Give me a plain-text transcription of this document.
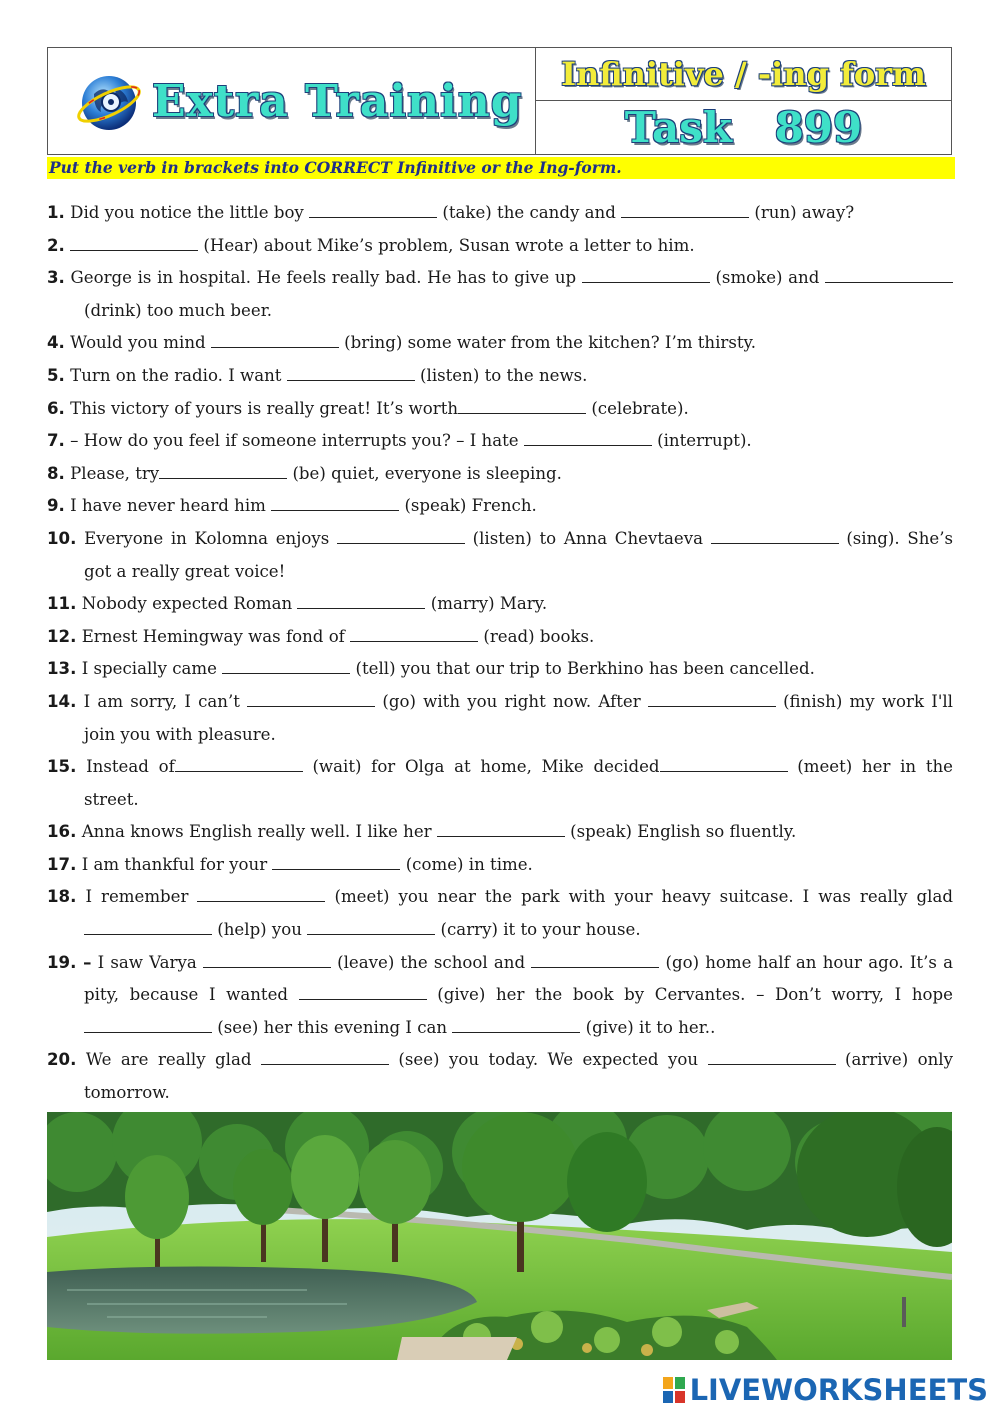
Extra Training
Infinitive / -ing form
Task 899
Put the verb in brackets into CORRECT Infinitive or the Ing-form.
1. Did you notice the little boy	(take) the candy and	(run) away?
2.	(Hear) about Mike’s problem, Susan wrote a letter to him.
3. George is in hospital. He feels really bad. He has to give up	(smoke) and  (drink) too much beer.
4. Would you mind	(bring) some water from the kitchen? I’m thirsty.
5. Turn on the radio. I want	(listen) to the news.
6. This victory of yours is really great! It’s worth	(celebrate).
7. – How do you feel if someone interrupts you? – I hate	(interrupt).
8. Please, try	(be) quiet, everyone is sleeping.
9. I have never heard him	(speak) French.
10. Everyone in Kolomna enjoys	(listen) to Anna Chevtaeva	(sing). She’s got a really great voice!
11. Nobody expected Roman	(marry) Mary.
12. Ernest Hemingway was fond of	(read) books.
13. I specially came	(tell) you that our trip to Berkhino has been cancelled.
14. I am sorry, I can’t	(go) with you right now. After	(finish) my work I'll join you with pleasure.
15. Instead of	(wait) for Olga at home, Mike decided	(meet) her in the street.
16. Anna knows English really well. I like her	(speak) English so fluently.
17. I am thankful for your	(come) in time.
18. I remember	(meet) you near the park with your heavy suitcase. I was really glad  (help) you	(carry) it to your house.
19. – I saw Varya	(leave) the school and	(go) home half an hour ago. It’s a pity, because I wanted	(give) her the book by Cervantes. – Don’t worry, I hope (see) her this evening I can	(give) it to her..
20. We are really glad	(see) you today. We expected you	(arrive) only tomorrow.
LIVEWORKSHEETS
